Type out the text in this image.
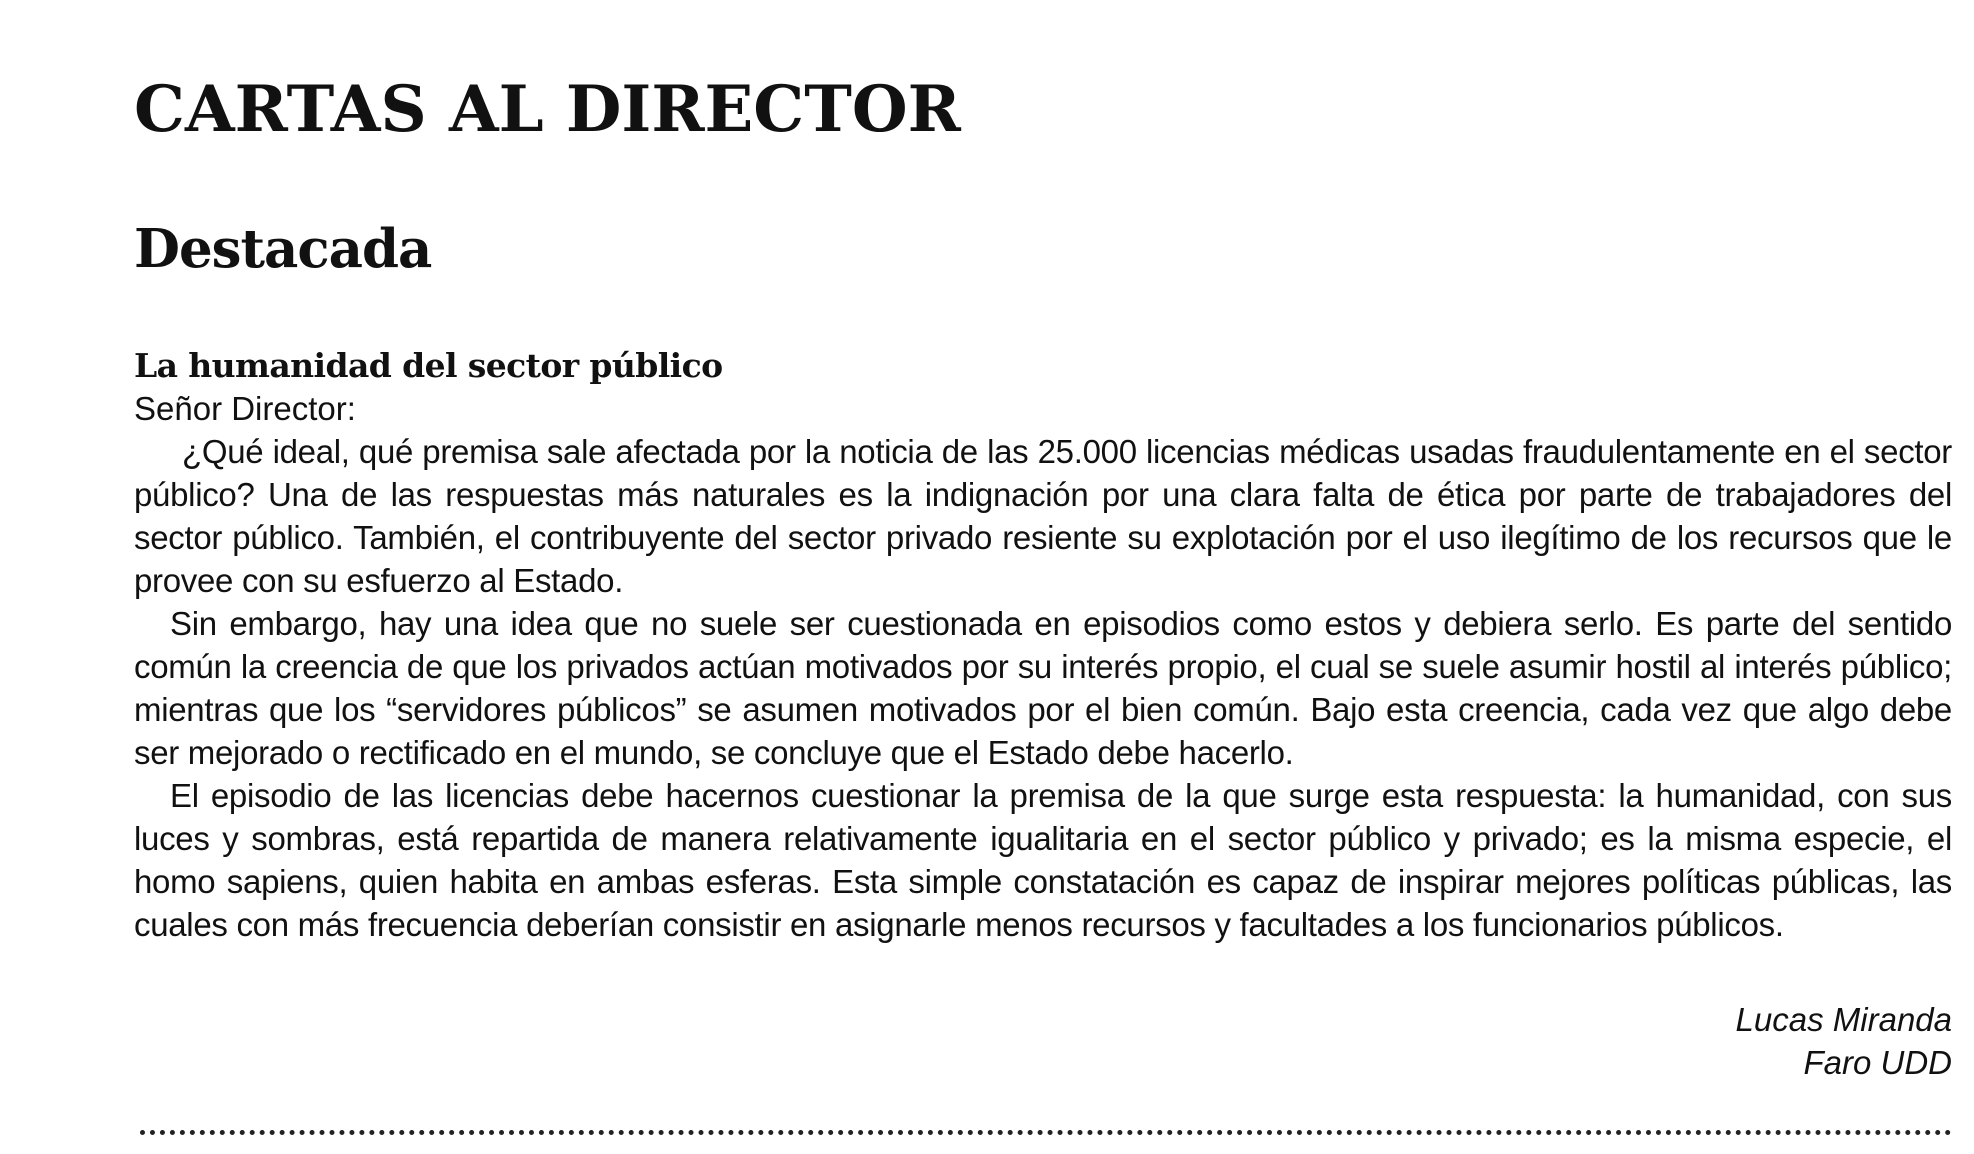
CARTAS AL DIRECTOR
Destacada
La humanidad del sector público
Señor Director:

¿Qué ideal, qué premisa sale afectada por la noticia de las 25.000 licencias médicas usadas fraudulentamente en el sector público? Una de las respuestas más naturales es la indignación por una clara falta de ética por parte de trabajadores del sector público. También, el contribuyente del sector privado resiente su explotación por el uso ilegítimo de los recursos que le provee con su esfuerzo al Estado.

Sin embargo, hay una idea que no suele ser cuestionada en episodios como estos y debiera serlo. Es parte del sentido común la creencia de que los privados actúan motivados por su interés propio, el cual se suele asumir hostil al interés público; mientras que los “servidores públicos” se asumen motivados por el bien común. Bajo esta creencia, cada vez que algo debe ser mejorado o rectificado en el mundo, se concluye que el Estado debe hacerlo.

El episodio de las licencias debe hacernos cuestionar la premisa de la que surge esta respuesta: la humanidad, con sus luces y sombras, está repartida de manera relativamente igualitaria en el sector público y privado; es la misma especie, el homo sapiens, quien habita en ambas esferas. Esta simple constatación es capaz de inspirar mejores políticas públicas, las cuales con más frecuencia deberían consistir en asignarle menos recursos y facultades a los funcionarios públicos.

Lucas Miranda
Faro UDD
